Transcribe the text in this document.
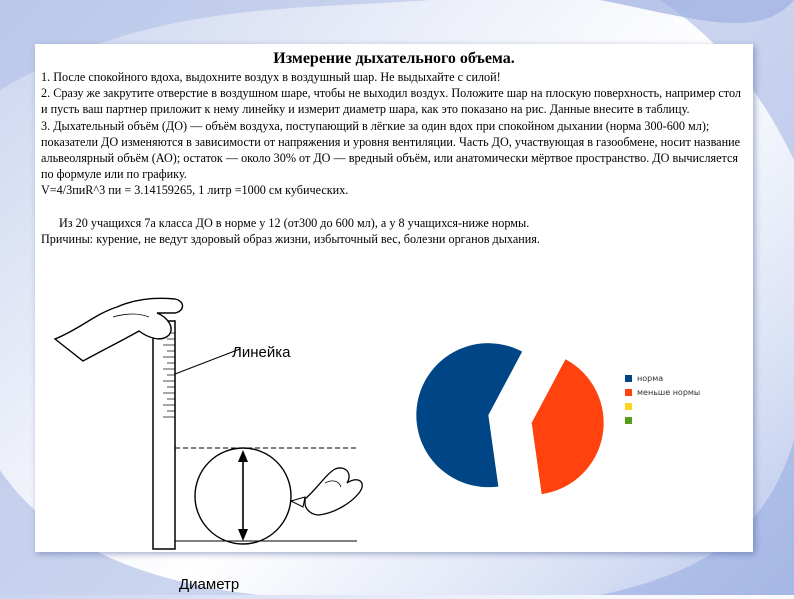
Измерение дыхательного объема.

1. После спокойного вдоха, выдохните воздух в воздушный шар. Не выдыхайте с силой!

2. Сразу же закрутите отверстие в воздушном шаре, чтобы не выходил воздух. Положите шар на плоскую поверхность, например стол и пусть ваш партнер приложит к нему линейку и измерит диаметр шара, как это показано на рис. Данные внесите в таблицу.

3. Дыхательный объём (ДО) — объём воздуха, поступающий в лёгкие за один вдох при спокойном дыхании (норма 300-600 мл); показатели ДО изменяются в зависимости от напряжения и уровня вентиляции. Часть ДО, участвующая в газообмене, носит название альвеолярный объём (АО); остаток — около 30% от ДО — вредный объём, или анатомически мёртвое пространство. ДО вычисляется по формуле или по графику.

V=4/3пиR^3 пи = 3.14159265, 1 литр =1000 см кубических.

Из 20 учащихся 7а класса ДО в норме у 12 (от300 до 600 мл), а у 8 учащихся-ниже нормы.

Причины: курение, не ведут здоровый образ жизни, избыточный вес, болезни органов дыхания.

Линейка
Диаметр
норма
меньше нормы
